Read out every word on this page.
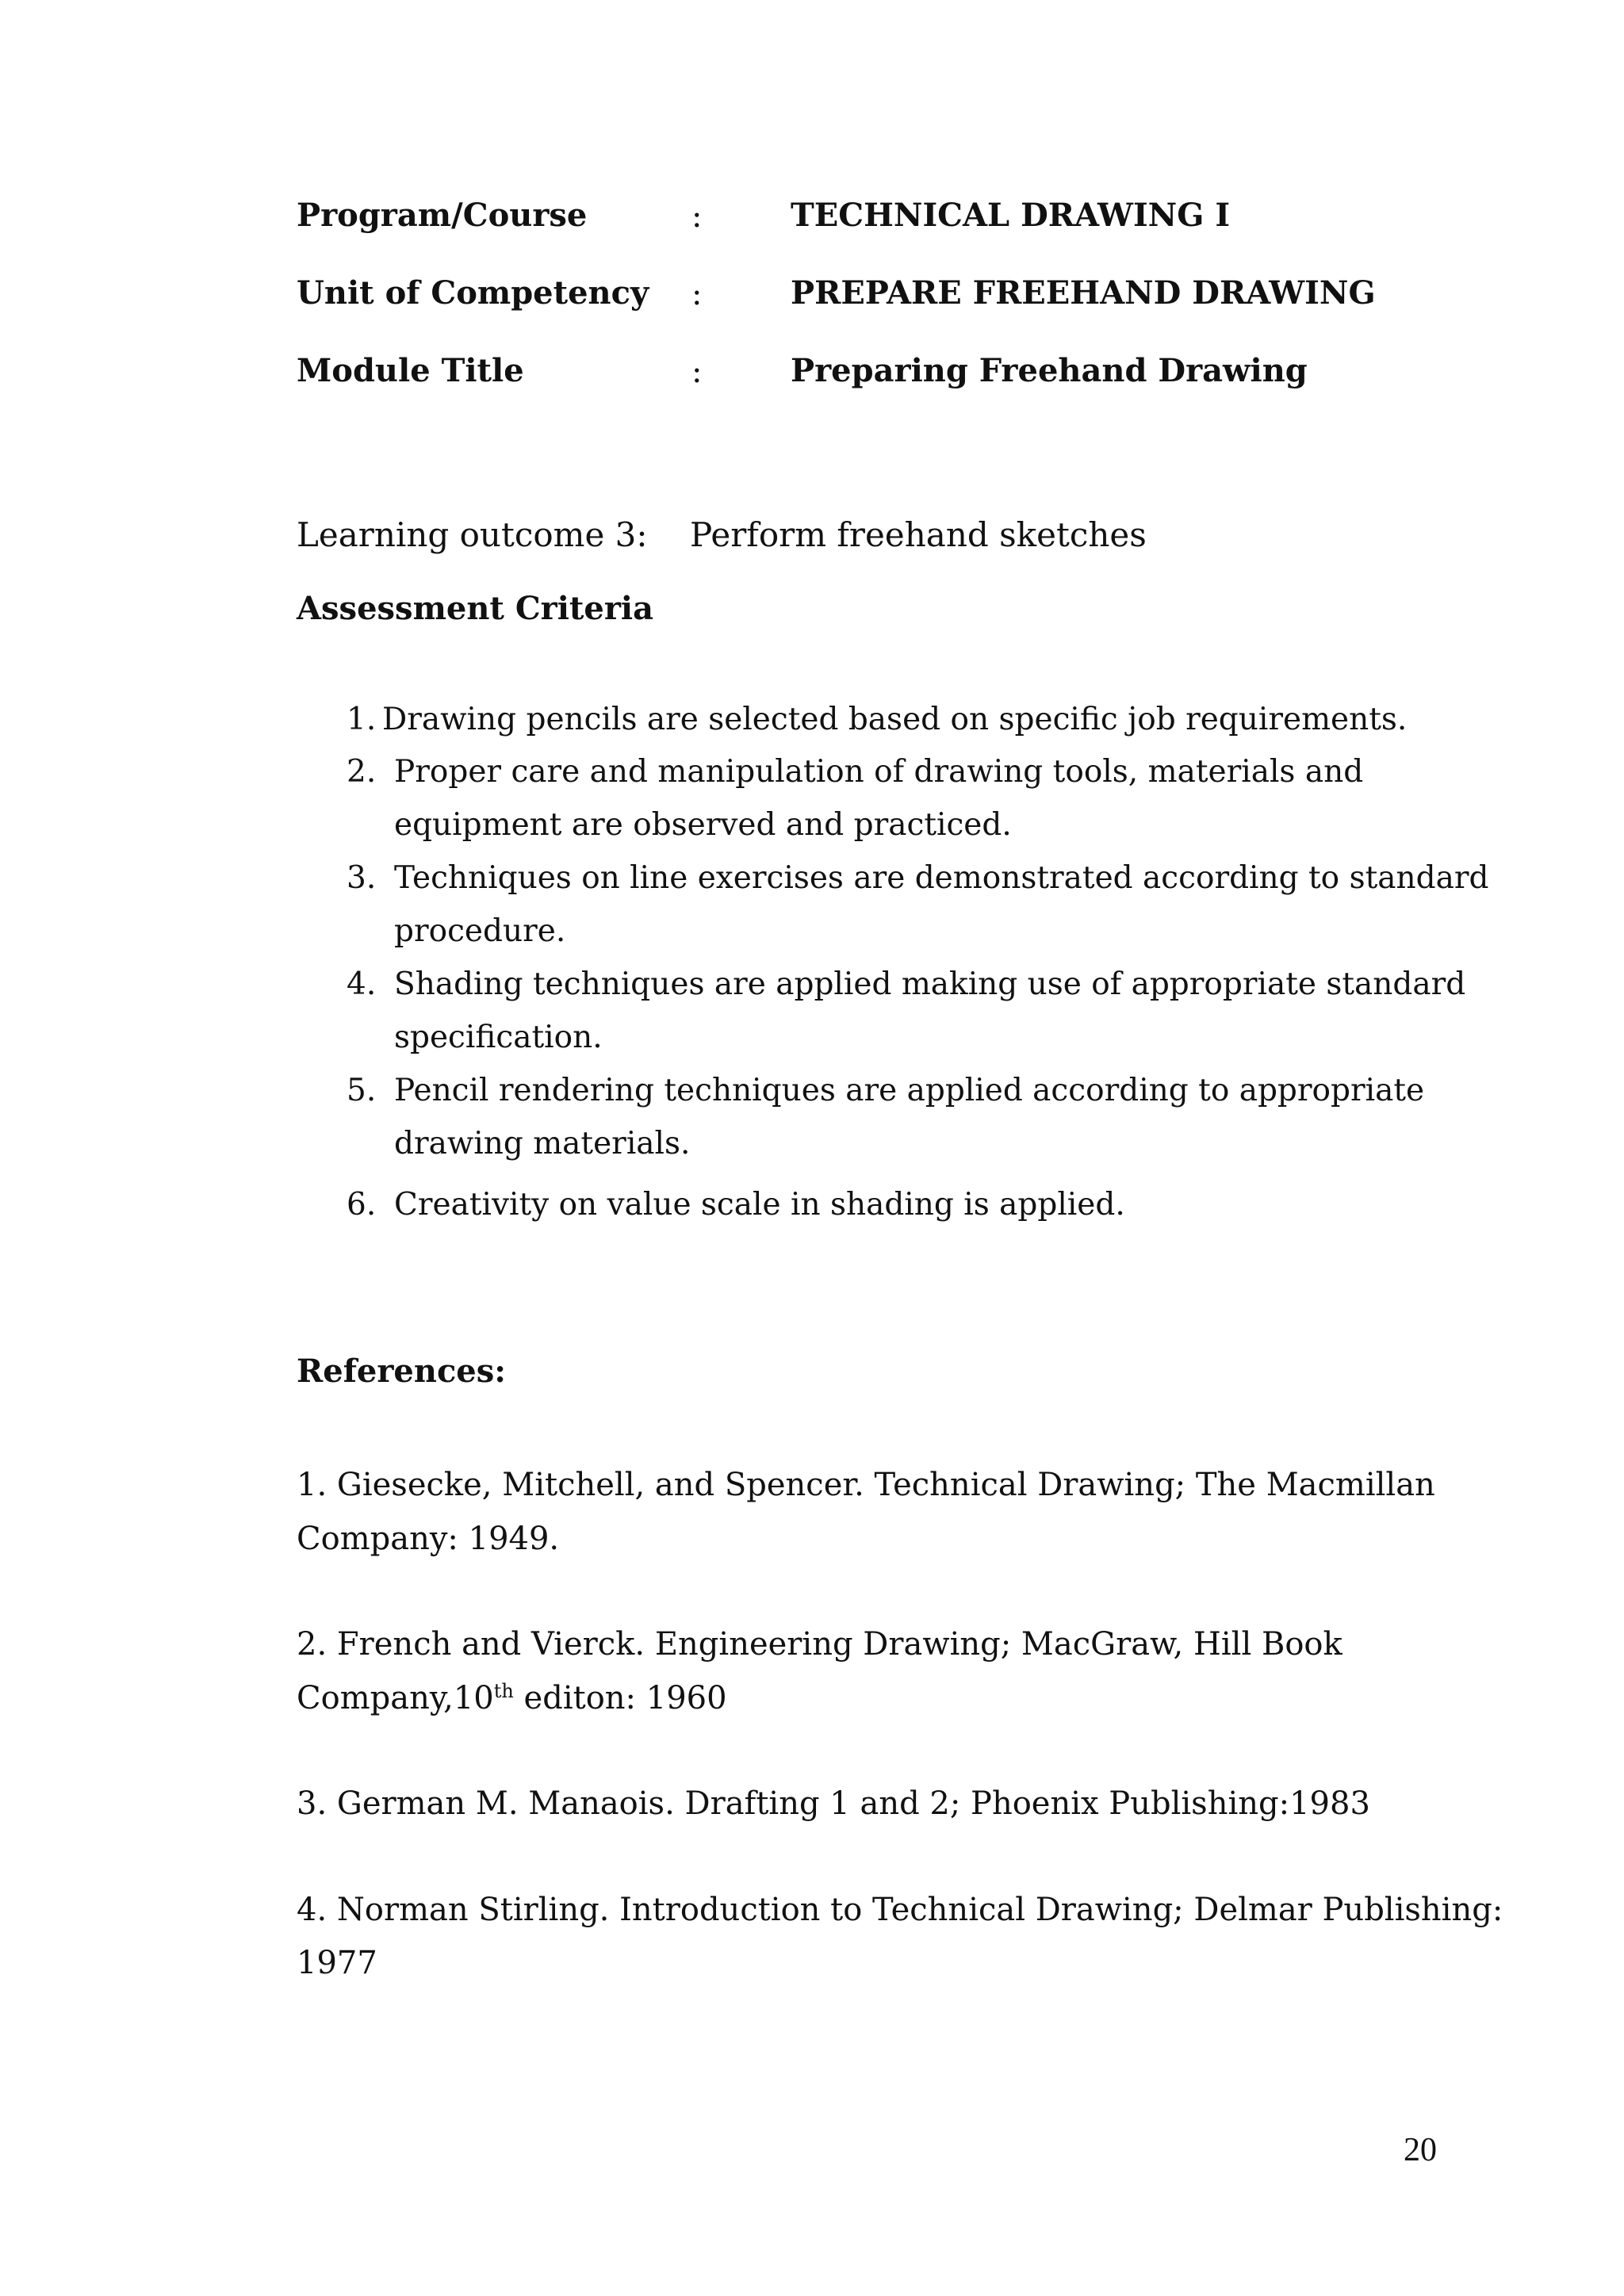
Program/Course	:	TECHNICAL DRAWING I
Unit of Competency :	PREPARE FREEHAND DRAWING
Module Title	:	Preparing Freehand Drawing
Learning outcome 3: Perform freehand sketches
Assessment Criteria
1. Drawing pencils are selected based on specific job requirements.
2. Proper care and manipulation of drawing tools, materials and
equipment are observed and practiced.
3. Techniques on line exercises are demonstrated according to standard
procedure.
4. Shading techniques are applied making use of appropriate standard
specification.
5. Pencil rendering techniques are applied according to appropriate
drawing materials.
6. Creativity on value scale in shading is applied.
References:
1. Giesecke, Mitchell, and Spencer. Technical Drawing; The Macmillan
Company: 1949.
2. French and Vierck. Engineering Drawing; MacGraw, Hill Book
Company,10th editon: 1960
3. German M. Manaois. Drafting 1 and 2; Phoenix Publishing:1983
4. Norman Stirling. Introduction to Technical Drawing; Delmar Publishing:
1977
20
